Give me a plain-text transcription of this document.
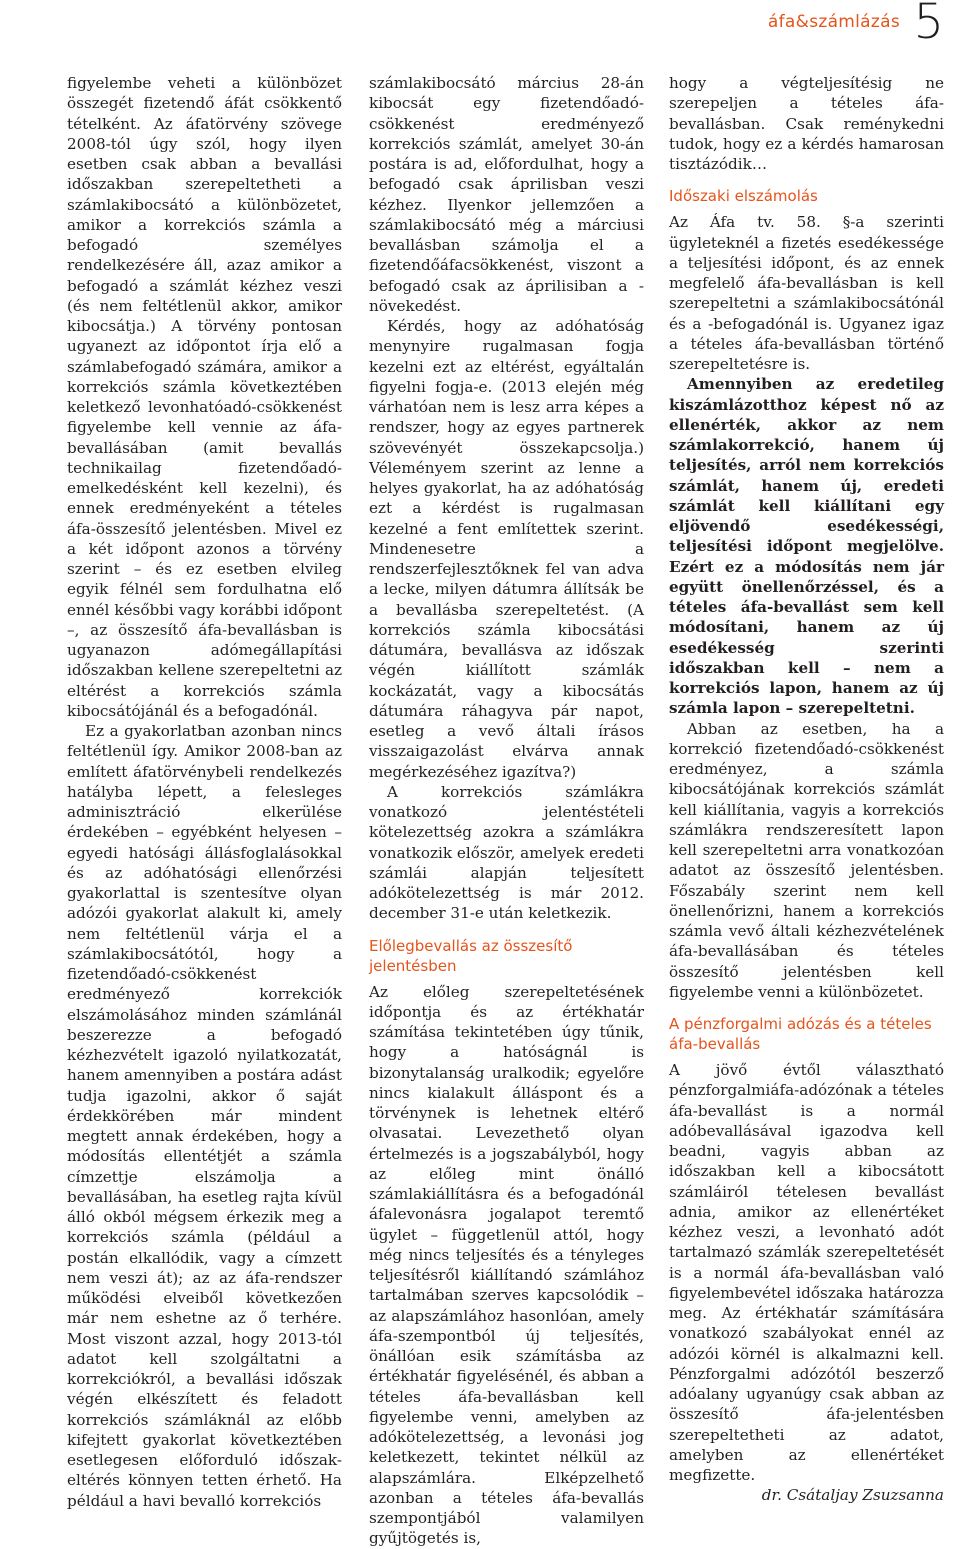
áfa&számlázás 5

figyelembe veheti a különbözet összegét fizetendő áfát csökkentő tételként. Az áfatörvény szövege 2008-tól úgy szól, hogy ilyen esetben csak abban a bevallási időszakban szerepeltetheti a számlakibocsátó a különbözetet, amikor a korrekciós számla a befogadó személyes rendelkezésére áll, azaz amikor a befogadó a számlát kézhez veszi (és nem feltétlenül akkor, amikor kibocsátja.) A törvény pontosan ugyanezt az időpontot írja elő a számlabefogadó számára, amikor a korrekciós számla következtében keletkező levonhatóadó-csökkenést figyelembe kell vennie az áfa-bevallásában (amit bevallás technikailag fizetendőadó-emelkedésként kell kezelni), és ennek eredményeként a tételes áfa-összesítő jelentésben. Mivel ez a két időpont azonos a törvény szerint – és ez esetben elvileg egyik félnél sem fordulhatna elő ennél későbbi vagy korábbi időpont –, az összesítő áfa-bevallásban is ugyanazon adómegállapítási időszakban kellene szerepeltetni az eltérést a korrekciós számla kibocsátójánál és a befogadónál.

Ez a gyakorlatban azonban nincs feltétlenül így. Amikor 2008-ban az említett áfatörvénybeli rendelkezés hatályba lépett, a felesleges adminisztráció elkerülése érdekében – egyébként helyesen – egyedi hatósági állásfoglalásokkal és az adóhatósági ellenőrzési gyakorlattal is szentesítve olyan adózói gyakorlat alakult ki, amely nem feltétlenül várja el a számlakibocsátótól, hogy a fizetendőadó-csökkenést eredményező korrekciók elszámolásához minden számlánál beszerezze a befogadó kézhezvételt igazoló nyilatkozatát, hanem amennyiben a postára adást tudja igazolni, akkor ő saját érdekkörében már mindent megtett annak érdekében, hogy a módosítás ellentétjét a számla címzettje elszámolja a bevallásában, ha esetleg rajta kívül álló okból mégsem érkezik meg a korrekciós számla (például a postán elkallódik, vagy a címzett nem veszi át); az az áfa-rendszer működési elveiből következően már nem eshetne az ő terhére. Most viszont azzal, hogy 2013-tól adatot kell szolgáltatni a korrekciókról, a bevallási időszak végén elkészített és feladott korrekciós számláknál az előbb kifejtett gyakorlat következtében esetlegesen előforduló időszak-eltérés könnyen tetten érhető. Ha például a havi bevalló korrekciós

számlakibocsátó március 28-án kibocsát egy fizetendőadó-csökkenést eredményező korrekciós számlát, amelyet 30-án postára is ad, előfordulhat, hogy a befogadó csak áprilisban veszi kézhez. Ilyenkor jellemzően a számlakibocsátó még a márciusi bevallásban számolja el a fizetendőáfacsökkenést, viszont a befogadó csak az áprilisiban a -növekedést.

Kérdés, hogy az adóhatóság menynyire rugalmasan fogja kezelni ezt az eltérést, egyáltalán figyelni fogja-e. (2013 elején még várhatóan nem is lesz arra képes a rendszer, hogy az egyes partnerek szövevényét összekapcsolja.) Véleményem szerint az lenne a helyes gyakorlat, ha az adóhatóság ezt a kérdést is rugalmasan kezelné a fent említettek szerint. Mindenesetre a rendszerfejlesztőknek fel van adva a lecke, milyen dátumra állítsák be a bevallásba szerepeltetést. (A korrekciós számla kibocsátási dátumára, bevallásva az időszak végén kiállított számlák kockázatát, vagy a kibocsátás dátumára ráhagyva pár napot, esetleg a vevő általi írásos visszaigazolást elvárva annak megérkezéséhez igazítva?)

A korrekciós számlákra vonatkozó jelentéstételi kötelezettség azokra a számlákra vonatkozik először, amelyek eredeti számlái alapján teljesített adókötelezettség is már 2012. december 31-e után keletkezik.

Előlegbevallás az összesítő jelentésben

Az előleg szerepeltetésének időpontja és az értékhatár számítása tekintetében úgy tűnik, hogy a hatóságnál is bizonytalanság uralkodik; egyelőre nincs kialakult álláspont és a törvénynek is lehetnek eltérő olvasatai. Levezethető olyan értelmezés is a jogszabályból, hogy az előleg mint önálló számlakiállításra és a befogadónál áfalevonásra jogalapot teremtő ügylet – függetlenül attól, hogy még nincs teljesítés és a tényleges teljesítésről kiállítandó számlához tartalmában szerves kapcsolódik – az alapszámlához hasonlóan, amely áfa-szempontból új teljesítés, önállóan esik számításba az értékhatár figyelésénél, és abban a tételes áfa-bevallásban kell figyelembe venni, amelyben az adókötelezettség, a levonási jog keletkezett, tekintet nélkül az alapszámlára. Elképzelhető azonban a tételes áfa-bevallás szempontjából valamilyen gyűjtögetés is,

hogy a végteljesítésig ne szerepeljen a tételes áfa-bevallásban. Csak reménykedni tudok, hogy ez a kérdés hamarosan tisztázódik…

Időszaki elszámolás

Az Áfa tv. 58. §-a szerinti ügyleteknél a fizetés esedékessége a teljesítési időpont, és az ennek megfelelő áfa-bevallásban is kell szerepeltetni a számlakibocsátónál és a -befogadónál is. Ugyanez igaz a tételes áfa-bevallásban történő szerepeltetésre is.

Amennyiben az eredetileg kiszámlázotthoz képest nő az ellenérték, akkor az nem számlakorrekció, hanem új teljesítés, arról nem korrekciós számlát, hanem új, eredeti számlát kell kiállítani egy eljövendő esedékességi, teljesítési időpont megjelölve. Ezért ez a módosítás nem jár együtt önellenőrzéssel, és a tételes áfa-bevallást sem kell módosítani, hanem az új esedékesség szerinti időszakban kell – nem a korrekciós lapon, hanem az új számla lapon – szerepeltetni.

Abban az esetben, ha a korrekció fizetendőadó-csökkenést eredményez, a számla kibocsátójának korrekciós számlát kell kiállítania, vagyis a korrekciós számlákra rendszeresített lapon kell szerepeltetni arra vonatkozóan adatot az összesítő jelentésben. Főszabály szerint nem kell önellenőrizni, hanem a korrekciós számla vevő általi kézhezvételének áfa-bevallásában és tételes összesítő jelentésben kell figyelembe venni a különbözetet.

A pénzforgalmi adózás és a tételes áfa-bevallás

A jövő évtől választható pénzforgalmiáfa-adózónak a tételes áfa-bevallást is a normál adóbevallásával igazodva kell beadni, vagyis abban az időszakban kell a kibocsátott számláiról tételesen bevallást adnia, amikor az ellenértéket kézhez veszi, a levonható adót tartalmazó számlák szerepeltetését is a normál áfa-bevallásban való figyelembevétel időszaka határozza meg. Az értékhatár számítására vonatkozó szabályokat ennél az adózói körnél is alkalmazni kell. Pénzforgalmi adózótól beszerző adóalany ugyanúgy csak abban az összesítő áfa-jelentésben szerepeltetheti az adatot, amelyben az ellenértéket megfizette.

dr. Csátaljay Zsuzsanna
